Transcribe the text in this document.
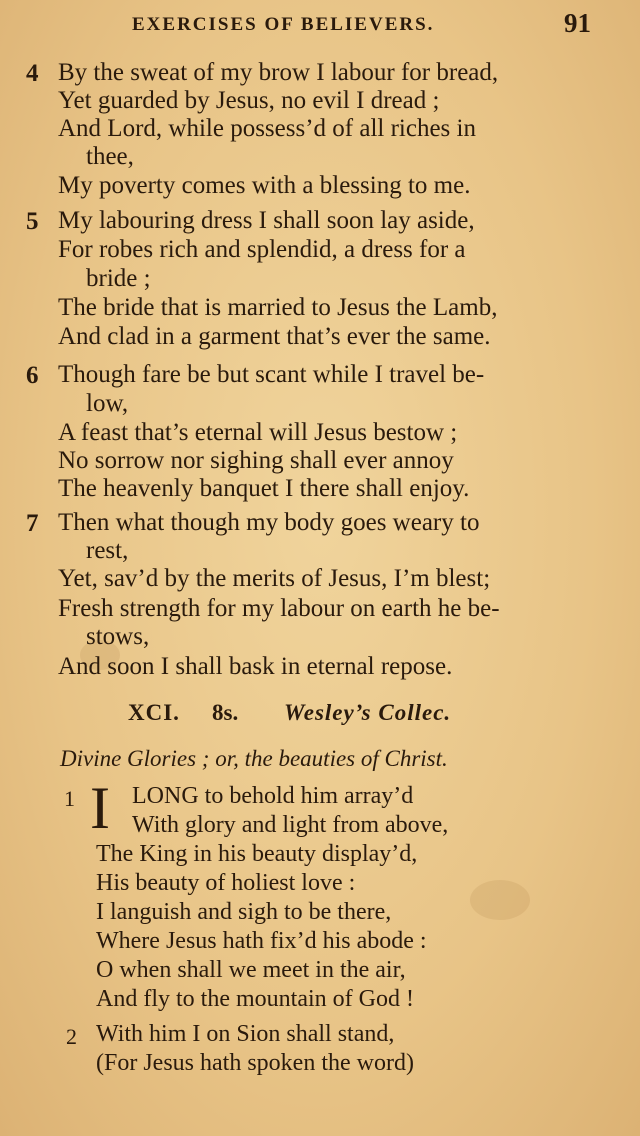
EXERCISES OF BELIEVERS.	91
4 By the sweat of my brow I labour for bread,
Yet guarded by Jesus, no evil I dread ;
And Lord, while possess’d of all riches in
thee,
My poverty comes with a blessing to me.
5 My labouring dress I shall soon lay aside,
For robes rich and splendid, a dress for a
bride ;
The bride that is married to Jesus the Lamb,
And clad in a garment that’s ever the same.
6 Though fare be but scant while I travel be-
low,
A feast that’s eternal will Jesus bestow ;
No sorrow nor sighing shall ever annoy
The heavenly banquet I there shall enjoy.
7 Then what though my body goes weary to
rest,
Yet, sav’d by the merits of Jesus, I’m blest;
Fresh strength for my labour on earth he be-
stows,
And soon I shall bask in eternal repose.
XCI. 8s. Wesley’s Collec.
Divine Glories ; or, the beauties of Christ.
1 I LONG to behold him array’d
With glory and light from above,
The King in his beauty display’d,
His beauty of holiest love :
I languish and sigh to be there,
Where Jesus hath fix’d his abode :
O when shall we meet in the air,
And fly to the mountain of God !
2 With him I on Sion shall stand,
(For Jesus hath spoken the word)
